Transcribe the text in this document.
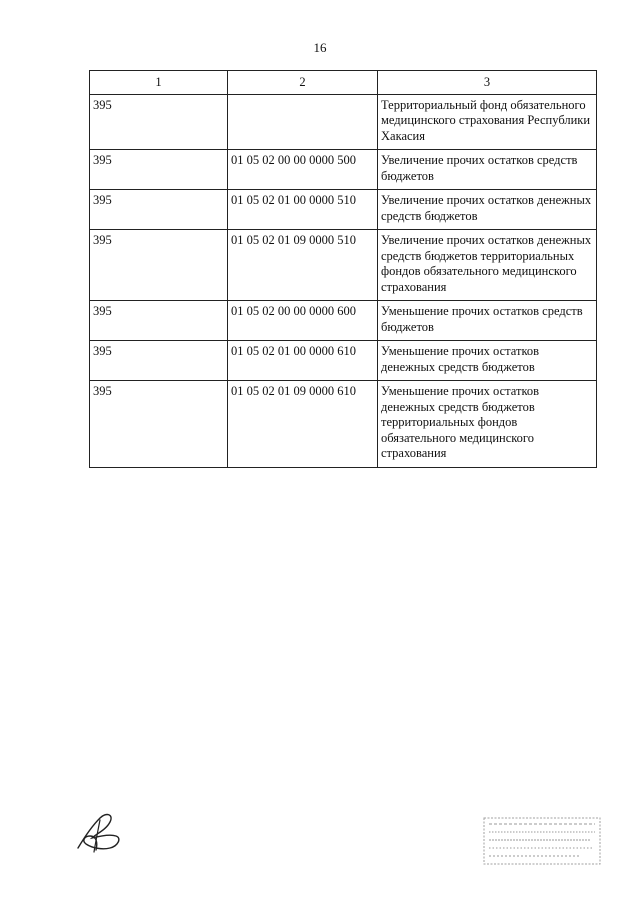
16
1	2	3
395		Территориальный фонд обязательного медицинского страхования Республики Хакасия
395	01 05 02 00 00 0000 500	Увеличение прочих остатков средств бюджетов
395	01 05 02 01 00 0000 510	Увеличение прочих остатков денежных средств бюджетов
395	01 05 02 01 09 0000 510	Увеличение прочих остатков денежных средств бюджетов территориальных фондов обязательного медицинского страхования
395	01 05 02 00 00 0000 600	Уменьшение прочих остатков средств бюджетов
395	01 05 02 01 00 0000 610	Уменьшение прочих остатков денежных средств бюджетов
395	01 05 02 01 09 0000 610	Уменьшение прочих остатков денежных средств бюджетов территориальных фондов обязательного медицинского страхования
